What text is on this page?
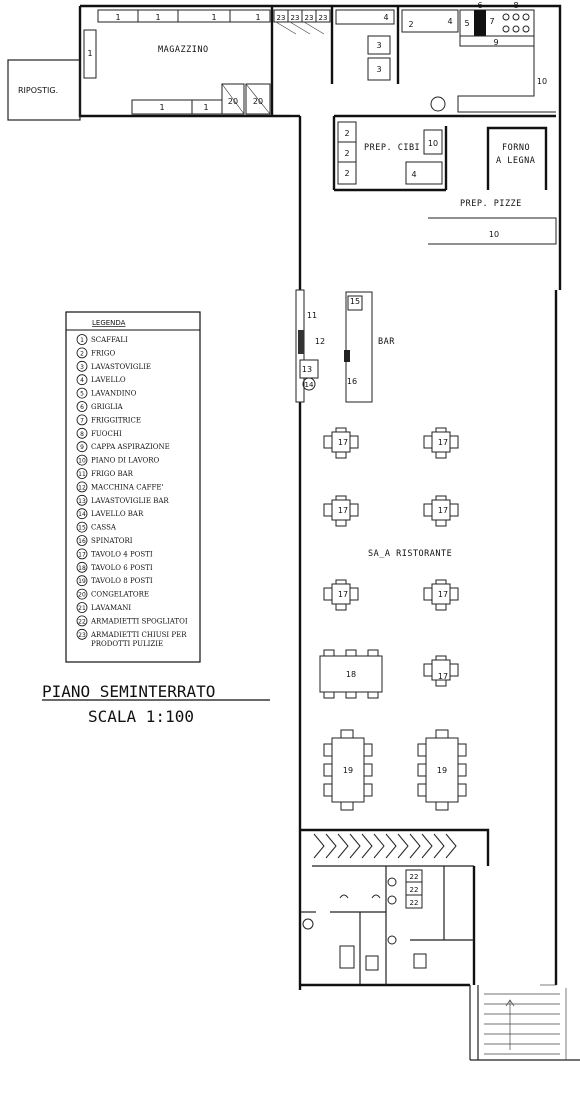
1	1	1	1
1	MAGAZZINO
1	1
20 20
RIPOSTIG.
23 23 23 23	4
3
3
2	4 5
6
7
8
9
10
2
2
2
PREP. CIBI 10
4
FORNO
A LEGNA
PREP. PIZZE
10
11
12
13
14
15
16
BAR
17	17
17	17
SA_A RISTORANTE
17	17
18	17
19	19
22
22
22
LEGENDA
1 SCAFFALI
2 FRIGO
3 LAVASTOVIGLIE
4 LAVELLO
5 LAVANDINO
6 GRIGLIA
7 FRIGGITRICE
8 FUOCHI
9 CAPPA ASPIRAZIONE
10 PIANO DI LAVORO
11 FRIGO BAR
12 MACCHINA CAFFE'
13 LAVASTOVIGLIE BAR
14 LAVELLO BAR
15 CASSA
16 SPINATORI
17 TAVOLO 4 POSTI
18 TAVOLO 6 POSTI
19 TAVOLO 8 POSTI
20 CONGELATORE
21 LAVAMANI
22 ARMADIETTI SPOGLIATOI
23 ARMADIETTI CHIUSI PER
PRODOTTI PULIZIE
PIANO SEMINTERRATO
SCALA 1:100
